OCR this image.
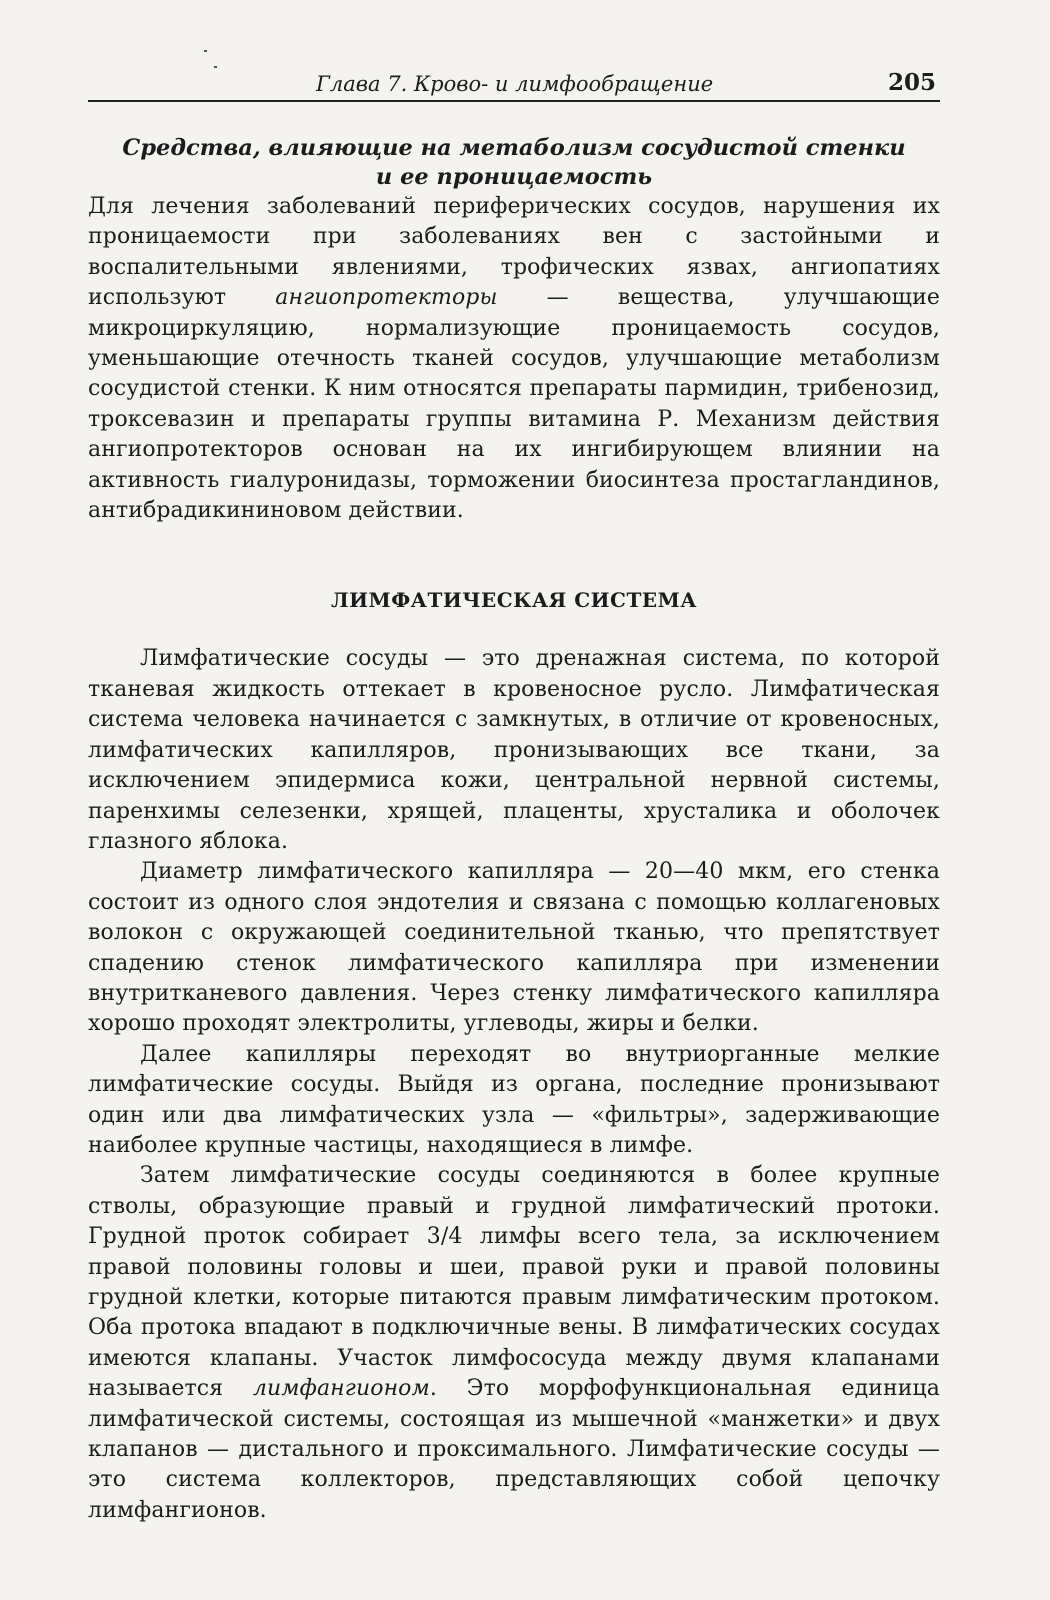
Глава 7. Крово- и лимфообращение	205
Средства, влияющие на метаболизм сосудистой стенки
и ее проницаемость

Для лечения заболеваний периферических сосудов, нарушения их проницаемости при заболеваниях вен с застойными и воспалительными явлениями, трофических язвах, ангиопатиях используют ангиопротекторы — вещества, улучшающие микроциркуляцию, нормализующие проницаемость сосудов, уменьшающие отечность тканей сосудов, улучшающие метаболизм сосудистой стенки. К ним относятся препараты пармидин, трибенозид, троксевазин и препараты группы витамина Р. Механизм действия ангиопротекторов основан на их ингибирующем влиянии на активность гиалуронидазы, торможении биосинтеза простагландинов, антибрадикининовом действии.

ЛИМФАТИЧЕСКАЯ СИСТЕМА

Лимфатические сосуды — это дренажная система, по которой тканевая жидкость оттекает в кровеносное русло. Лимфатическая система человека начинается с замкнутых, в отличие от кровеносных, лимфатических капилляров, пронизывающих все ткани, за исключением эпидермиса кожи, центральной нервной системы, паренхимы селезенки, хрящей, плаценты, хрусталика и оболочек глазного яблока.

Диаметр лимфатического капилляра — 20—40 мкм, его стенка состоит из одного слоя эндотелия и связана с помощью коллагеновых волокон с окружающей соединительной тканью, что препятствует спадению стенок лимфатического капилляра при изменении внутритканевого давления. Через стенку лимфатического капилляра хорошо проходят электролиты, углеводы, жиры и белки.

Далее капилляры переходят во внутриорганные мелкие лимфатические сосуды. Выйдя из органа, последние пронизывают один или два лимфатических узла — «фильтры», задерживающие наиболее крупные частицы, находящиеся в лимфе.

Затем лимфатические сосуды соединяются в более крупные стволы, образующие правый и грудной лимфатический протоки. Грудной проток собирает 3/4 лимфы всего тела, за исключением правой половины головы и шеи, правой руки и правой половины грудной клетки, которые питаются правым лимфатическим протоком. Оба протока впадают в подключичные вены. В лимфатических сосудах имеются клапаны. Участок лимфососуда между двумя клапанами называется лимфангионом. Это морфофункциональная единица лимфатической системы, состоящая из мышечной «манжетки» и двух клапанов — дистального и проксимального. Лимфатические сосуды — это система коллекторов, представляющих собой цепочку лимфангионов.
